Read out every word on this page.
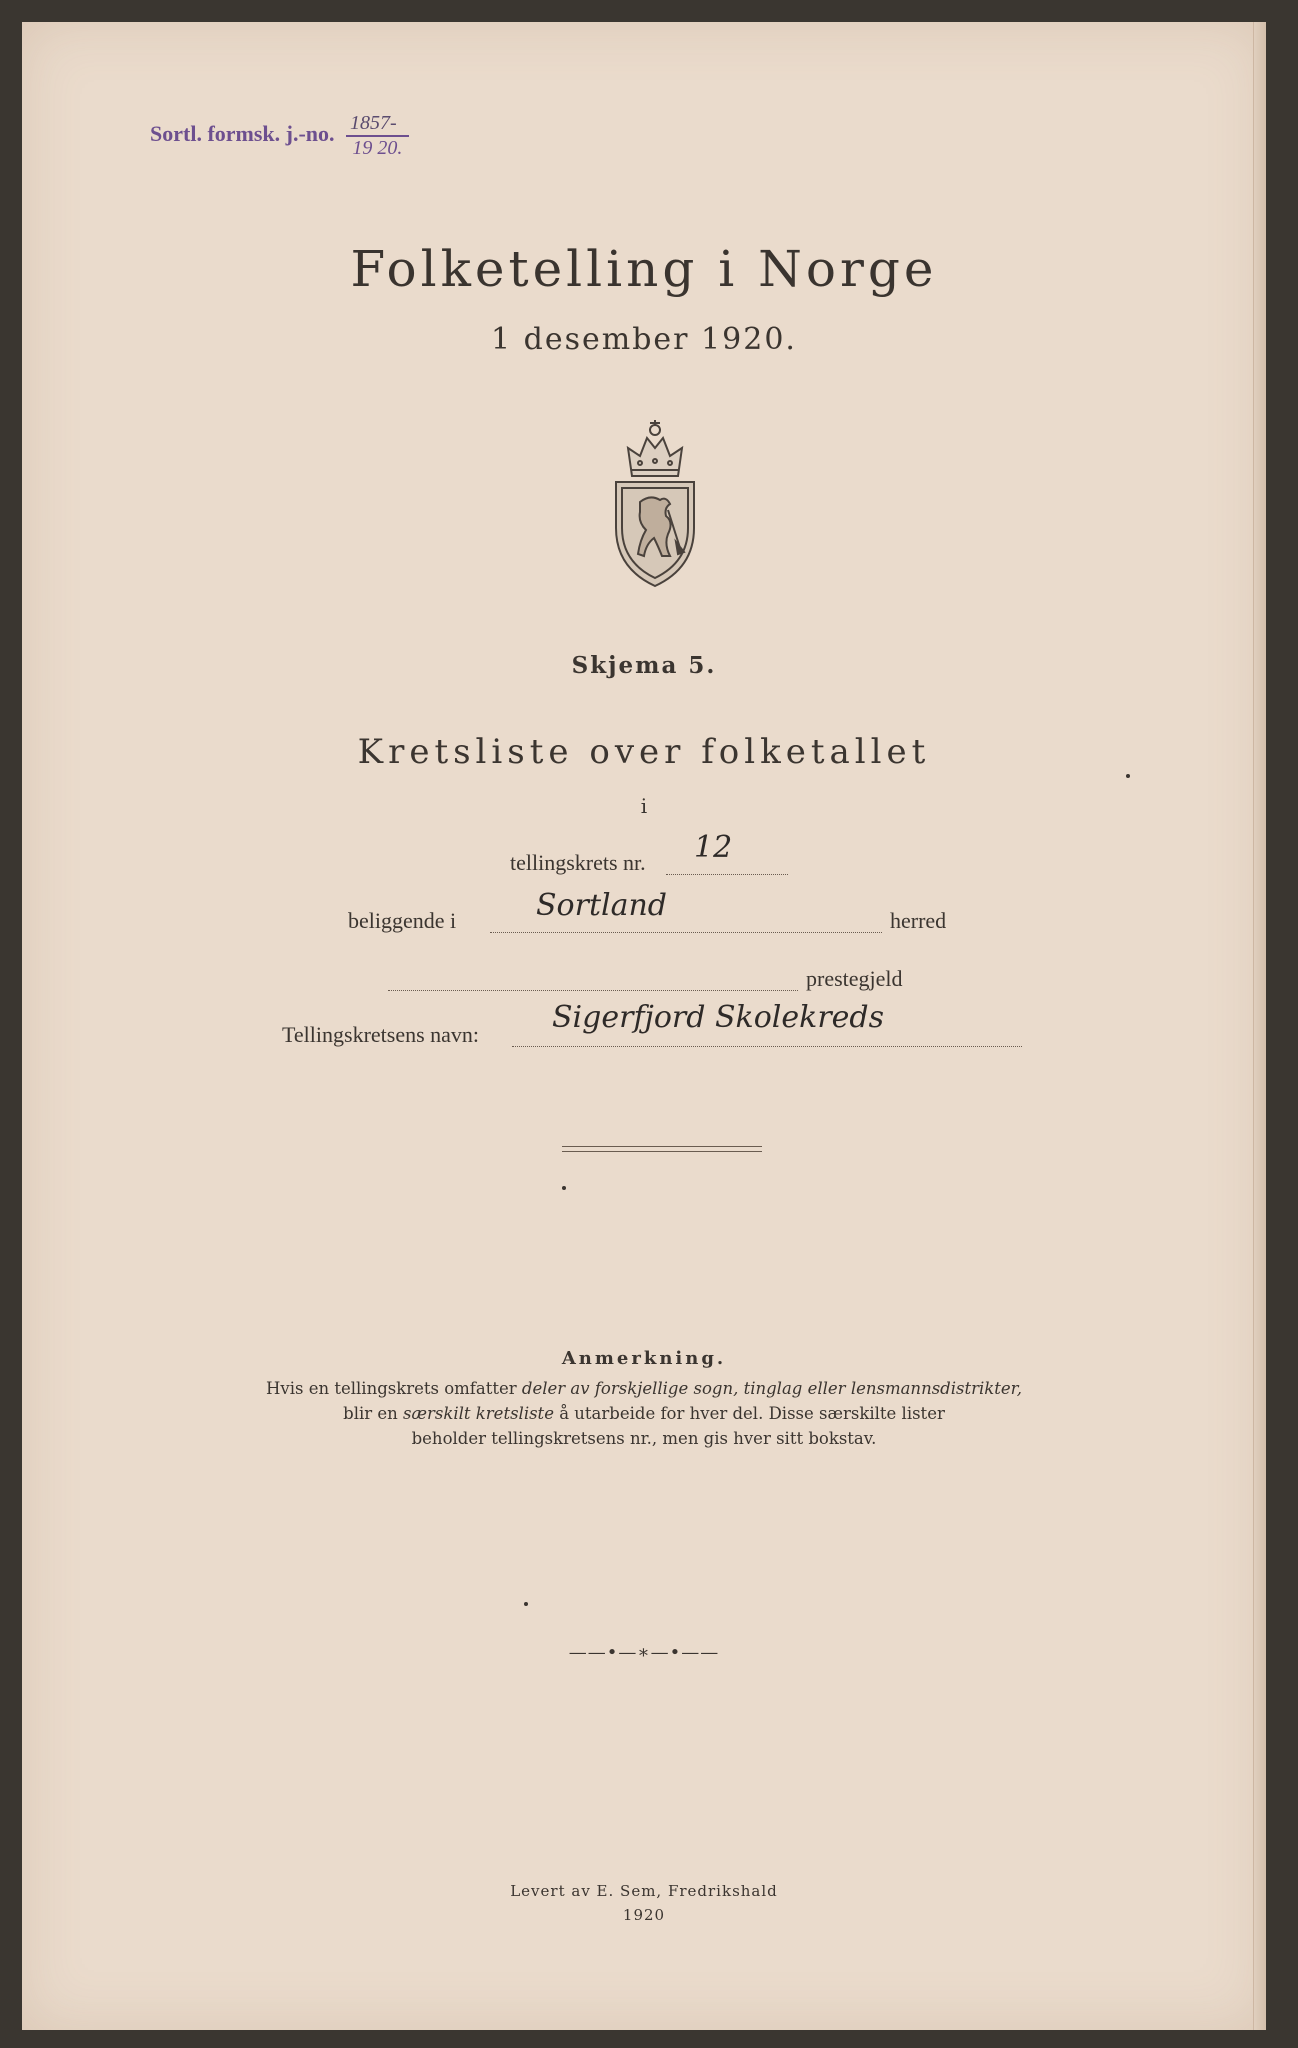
Sortl. formsk. j.-no. $\frac{1857-}{19 20.}$
Folketelling i Norge
1 desember 1920.
Skjema 5.
Kretsliste over folketallet
i
tellingskrets nr. 12
beliggende i	Sortland	herred
prestegjeld
Tellingskretsens navn: Sigerfjord Skolekreds
Anmerkning.
Hvis en tellingskrets omfatter deler av forskjellige sogn, tinglag eller lensmannsdistrikter,
blir en særskilt kretsliste å utarbeide for hver del. Disse særskilte lister
beholder tellingskretsens nr., men gis hver sitt bokstav.
——•—∗—•——
Levert av E. Sem, Fredrikshald
1920
